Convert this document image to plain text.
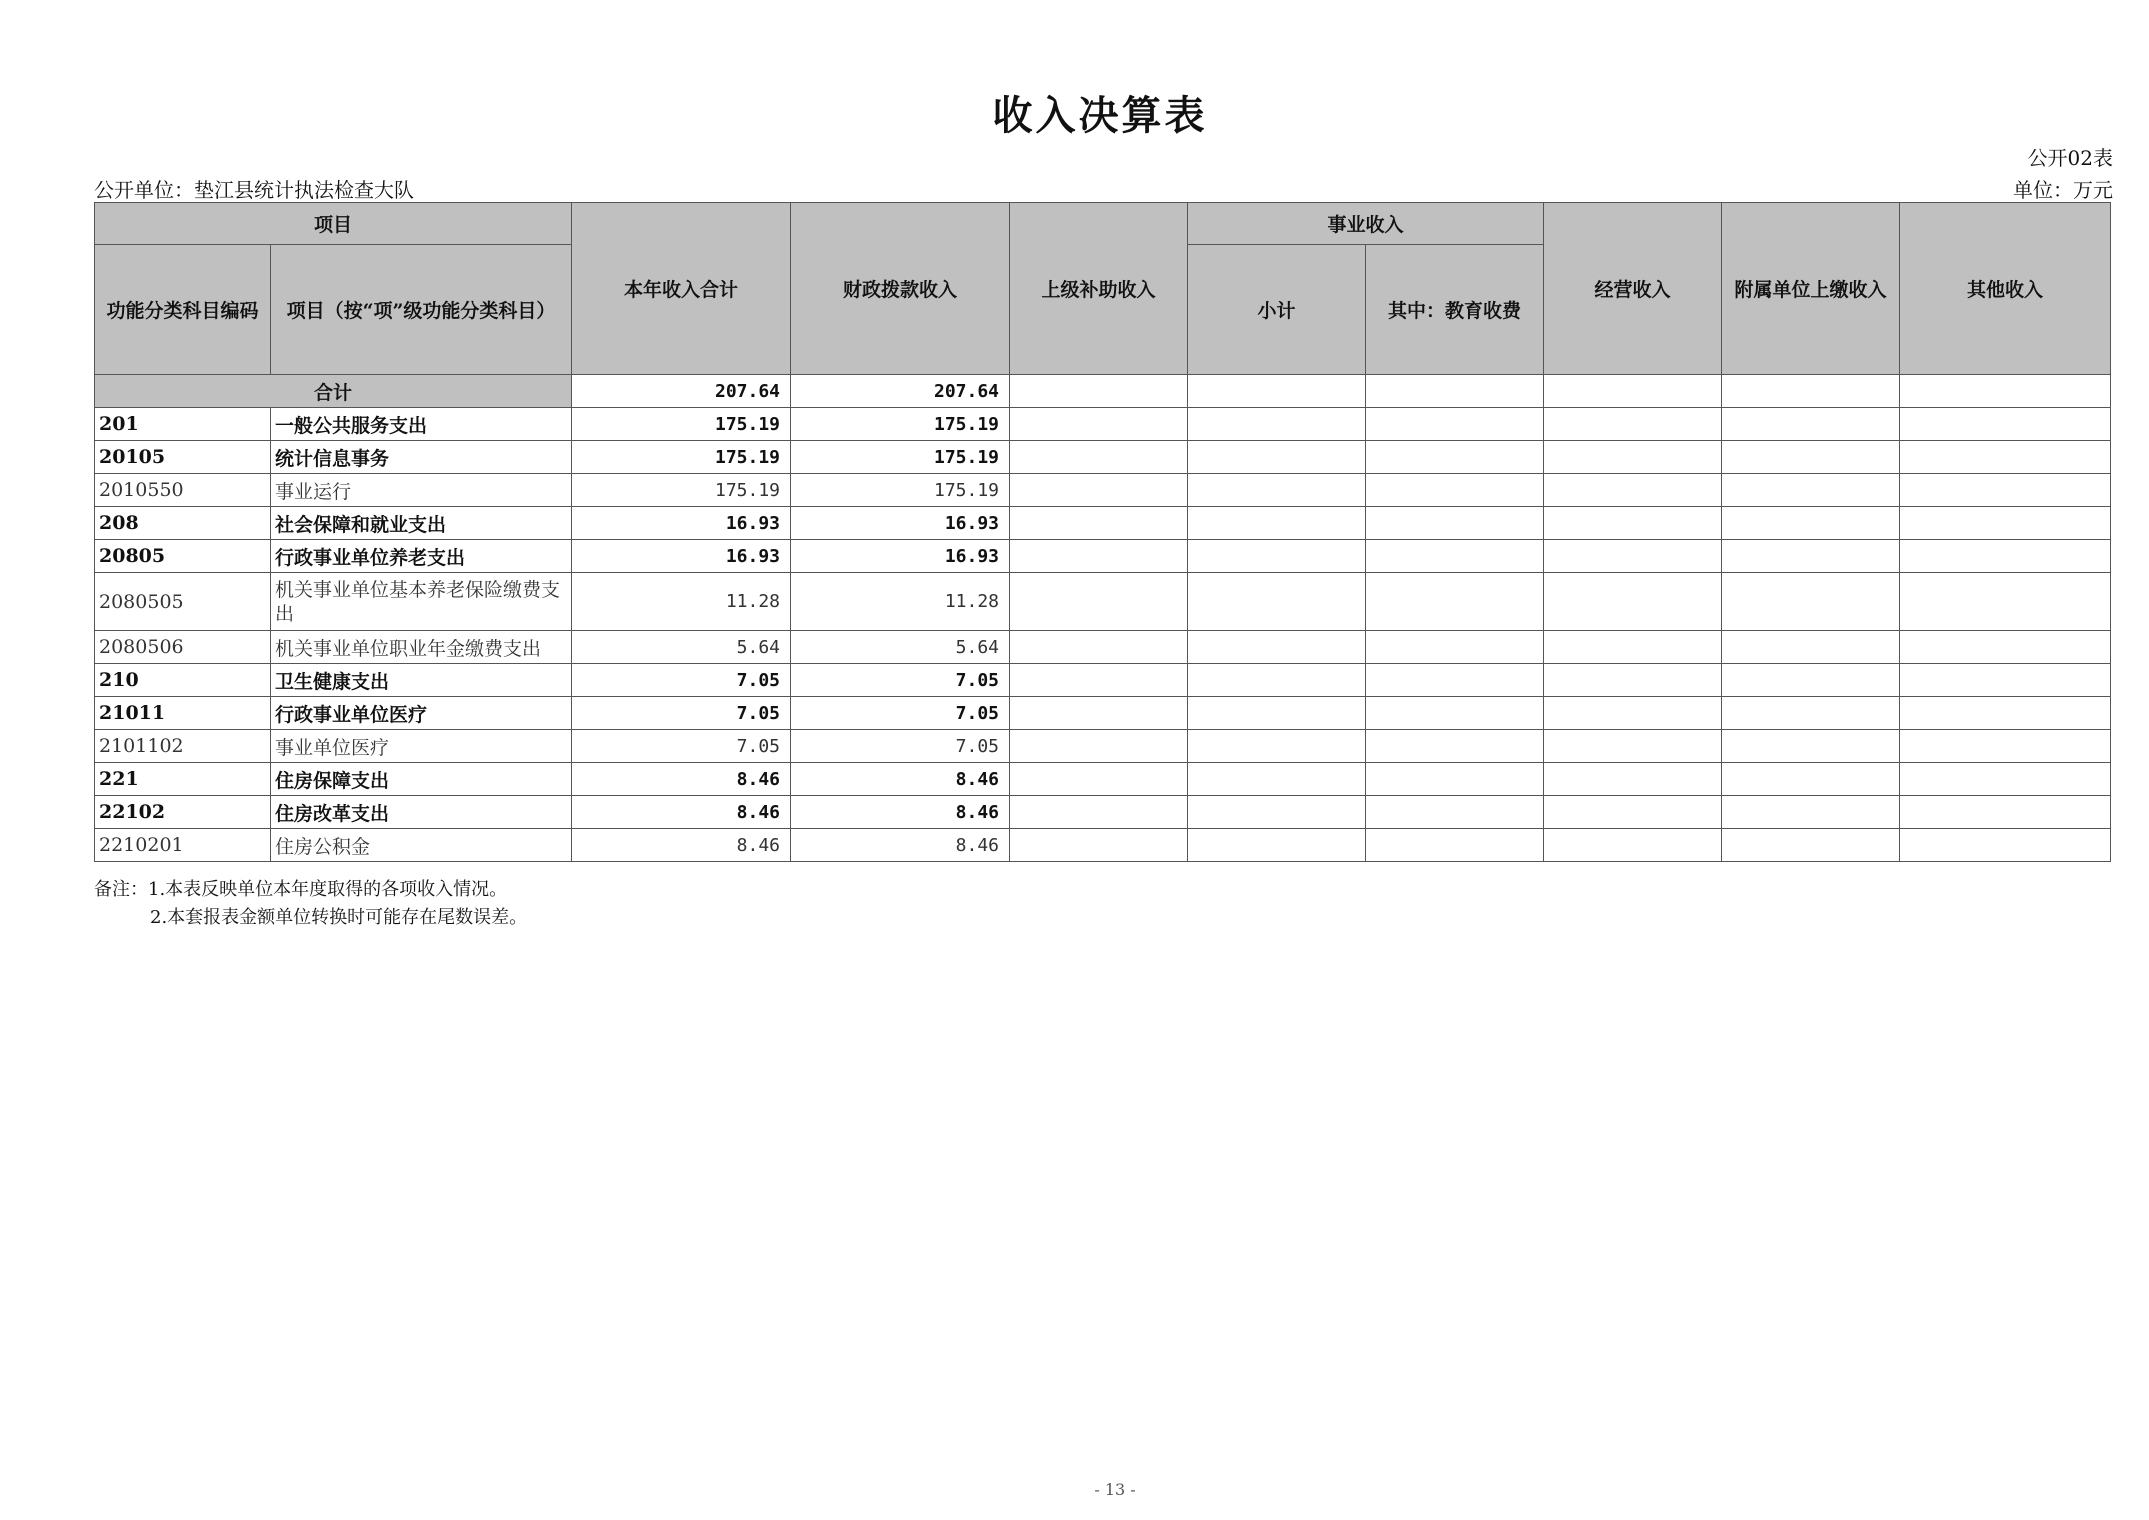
收入决算表
公开02表
公开单位：垫江县统计执法检查大队	单位：万元
项目		本年收入合计	财政拨款收入	上级补助收入	事业收入		经营收入	附属单位上缴收入	其他收入
功能分类科目编码	项目（按“项”级功能分类科目）				小计	其中：教育收费			
合计		207.64	207.64						
201	一般公共服务支出	175.19	175.19						
20105	统计信息事务	175.19	175.19						
2010550	事业运行	175.19	175.19						
208	社会保障和就业支出	16.93	16.93						
20805	行政事业单位养老支出	16.93	16.93						
2080505	机关事业单位基本养老保险缴费支出	11.28	11.28						
2080506	机关事业单位职业年金缴费支出	5.64	5.64						
210	卫生健康支出	7.05	7.05						
21011	行政事业单位医疗	7.05	7.05						
2101102	事业单位医疗	7.05	7.05						
221	住房保障支出	8.46	8.46						
22102	住房改革支出	8.46	8.46						
2210201	住房公积金	8.46	8.46						
备注：1.本表反映单位本年度取得的各项收入情况。
2.本套报表金额单位转换时可能存在尾数误差。
- 13 -
